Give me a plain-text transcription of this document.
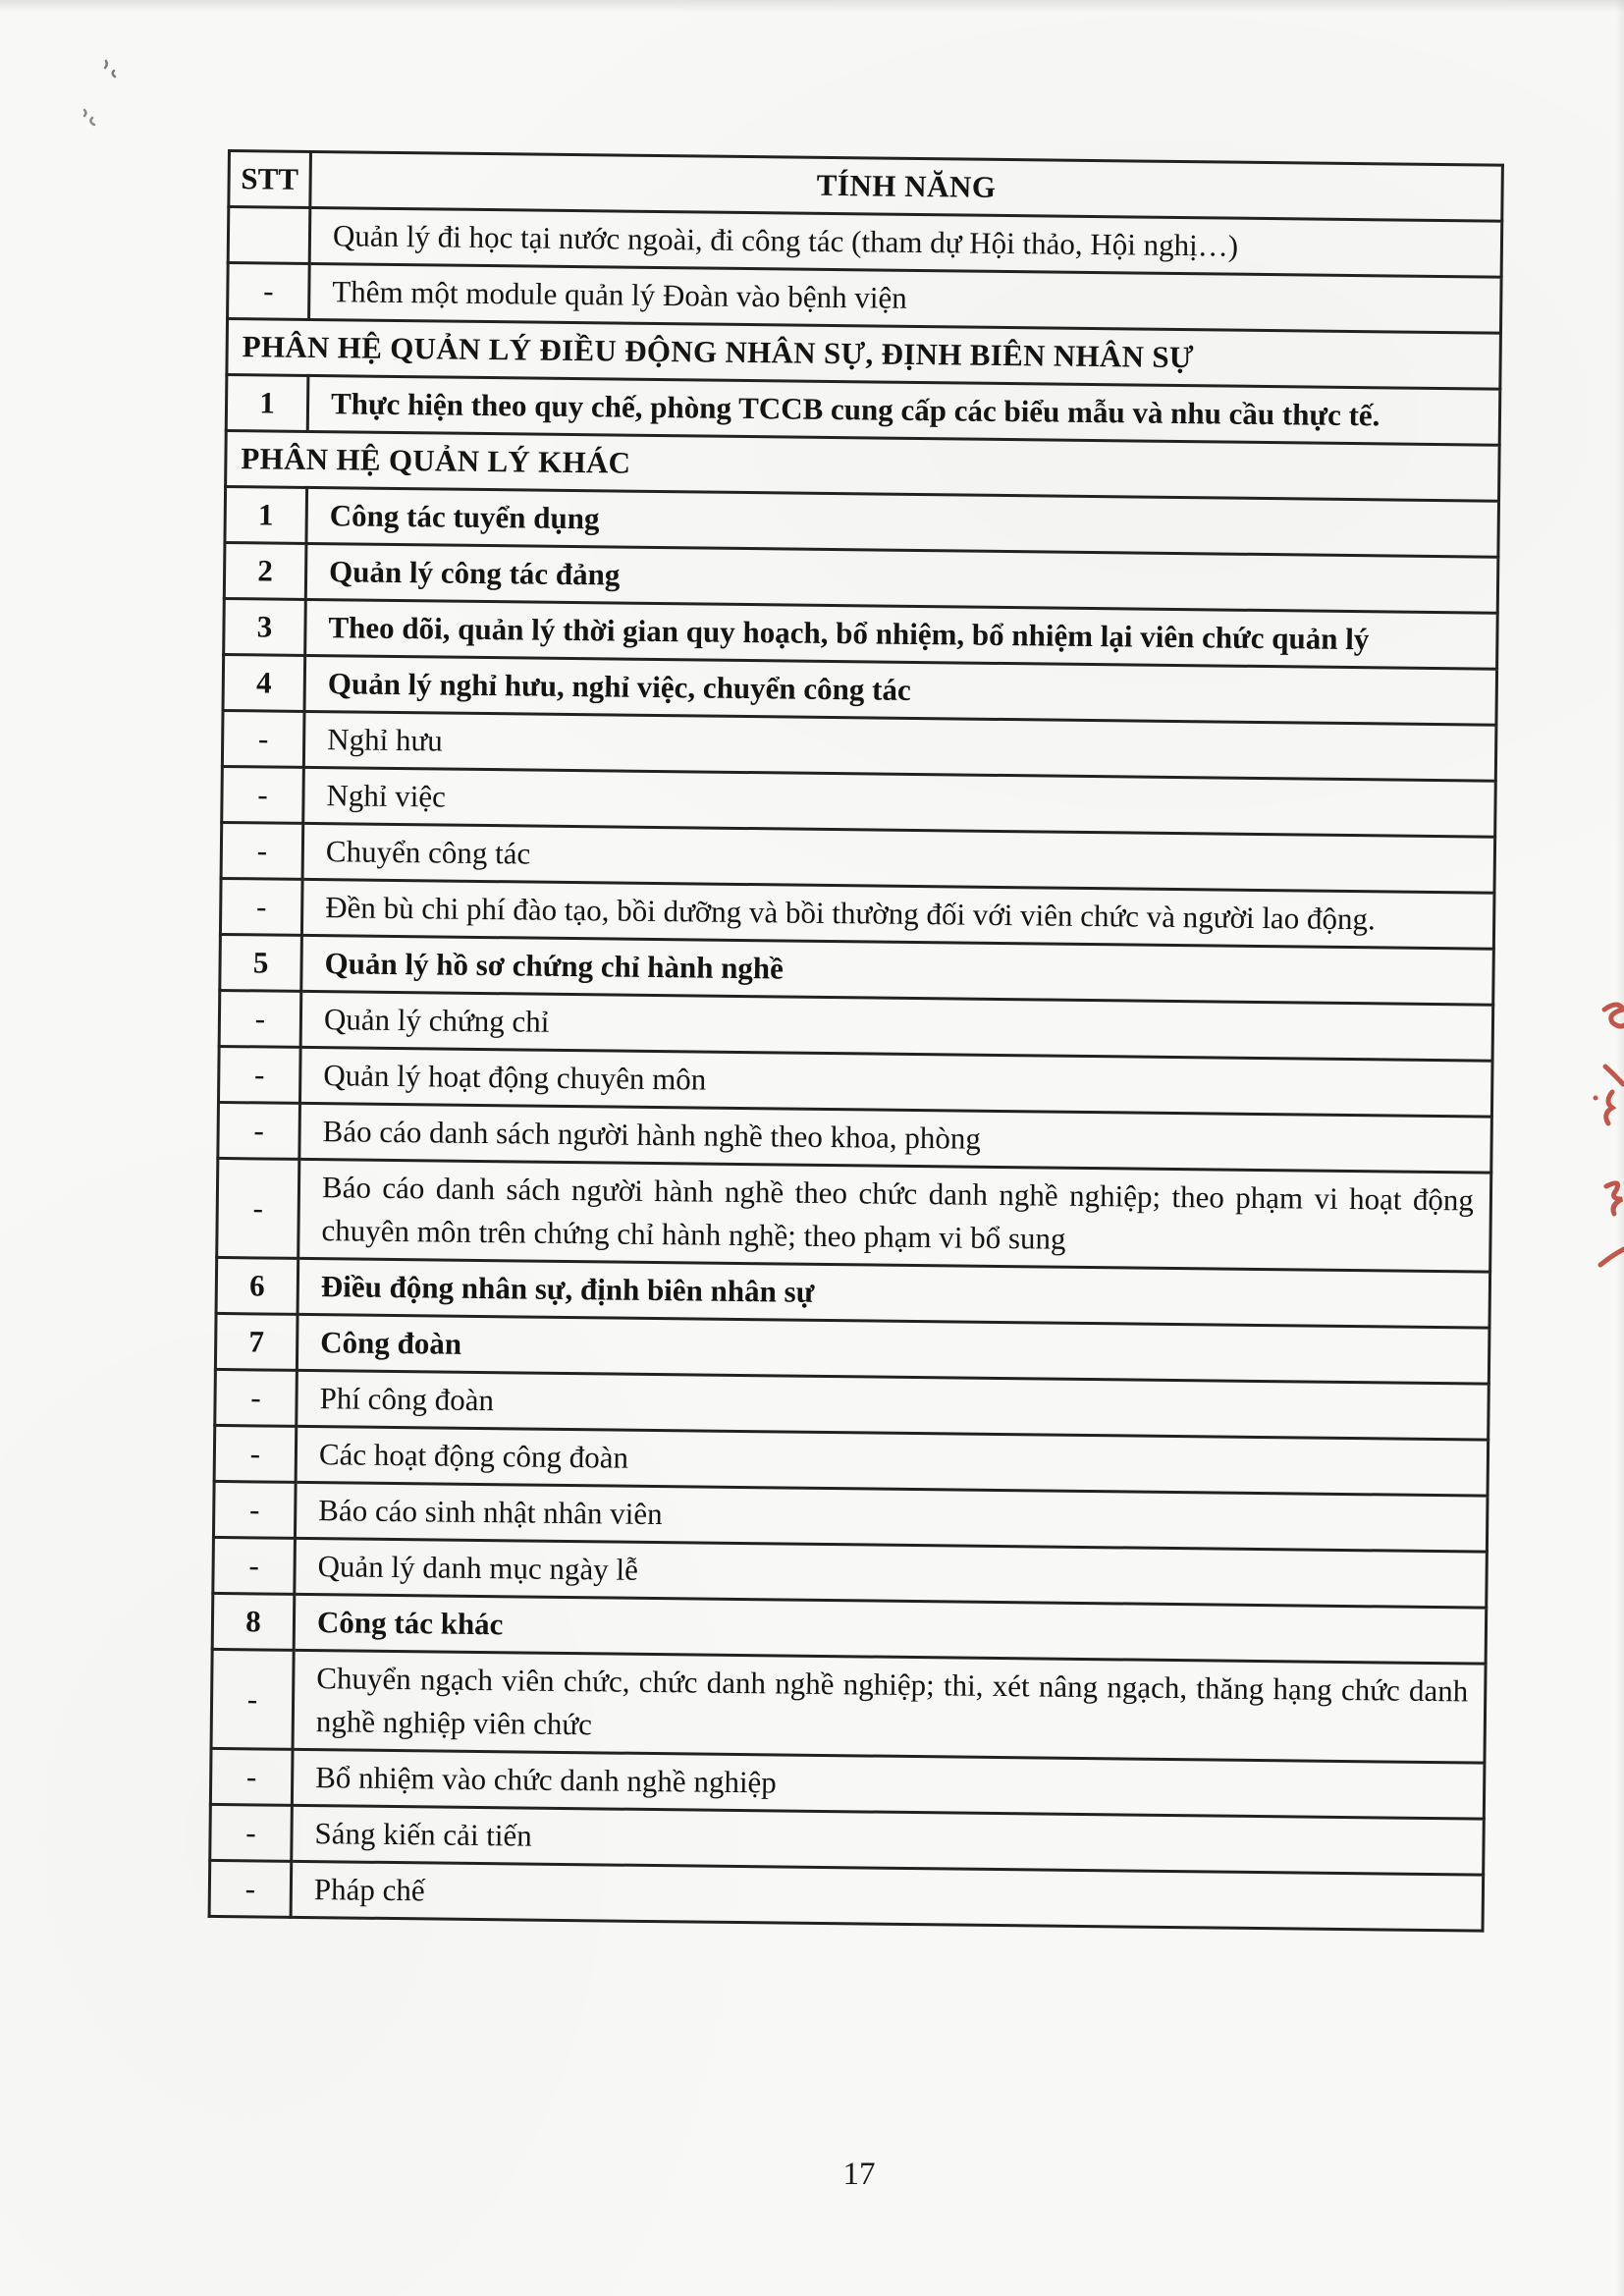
STT	TÍNH NĂNG
	Quản lý đi học tại nước ngoài, đi công tác (tham dự Hội thảo, Hội nghị…)
-	Thêm một module quản lý Đoàn vào bệnh viện
PHÂN HỆ QUẢN LÝ ĐIỀU ĐỘNG NHÂN SỰ, ĐỊNH BIÊN NHÂN SỰ	
1	Thực hiện theo quy chế, phòng TCCB cung cấp các biểu mẫu và nhu cầu thực tế.
PHÂN HỆ QUẢN LÝ KHÁC	
1	Công tác tuyển dụng
2	Quản lý công tác đảng
3	Theo dõi, quản lý thời gian quy hoạch, bổ nhiệm, bổ nhiệm lại viên chức quản lý
4	Quản lý nghỉ hưu, nghỉ việc, chuyển công tác
-	Nghỉ hưu
-	Nghỉ việc
-	Chuyển công tác
-	Đền bù chi phí đào tạo, bồi dưỡng và bồi thường đối với viên chức và người lao động.
5	Quản lý hồ sơ chứng chỉ hành nghề
-	Quản lý chứng chỉ
-	Quản lý hoạt động chuyên môn
-	Báo cáo danh sách người hành nghề theo khoa, phòng
-	Báo cáo danh sách người hành nghề theo chức danh nghề nghiệp; theo phạm vi hoạt động chuyên môn trên chứng chỉ hành nghề; theo phạm vi bổ sung
6	Điều động nhân sự, định biên nhân sự
7	Công đoàn
-	Phí công đoàn
-	Các hoạt động công đoàn
-	Báo cáo sinh nhật nhân viên
-	Quản lý danh mục ngày lễ
8	Công tác khác
-	Chuyển ngạch viên chức, chức danh nghề nghiệp; thi, xét nâng ngạch, thăng hạng chức danh nghề nghiệp viên chức
-	Bổ nhiệm vào chức danh nghề nghiệp
-	Sáng kiến cải tiến
-	Pháp chế
17
